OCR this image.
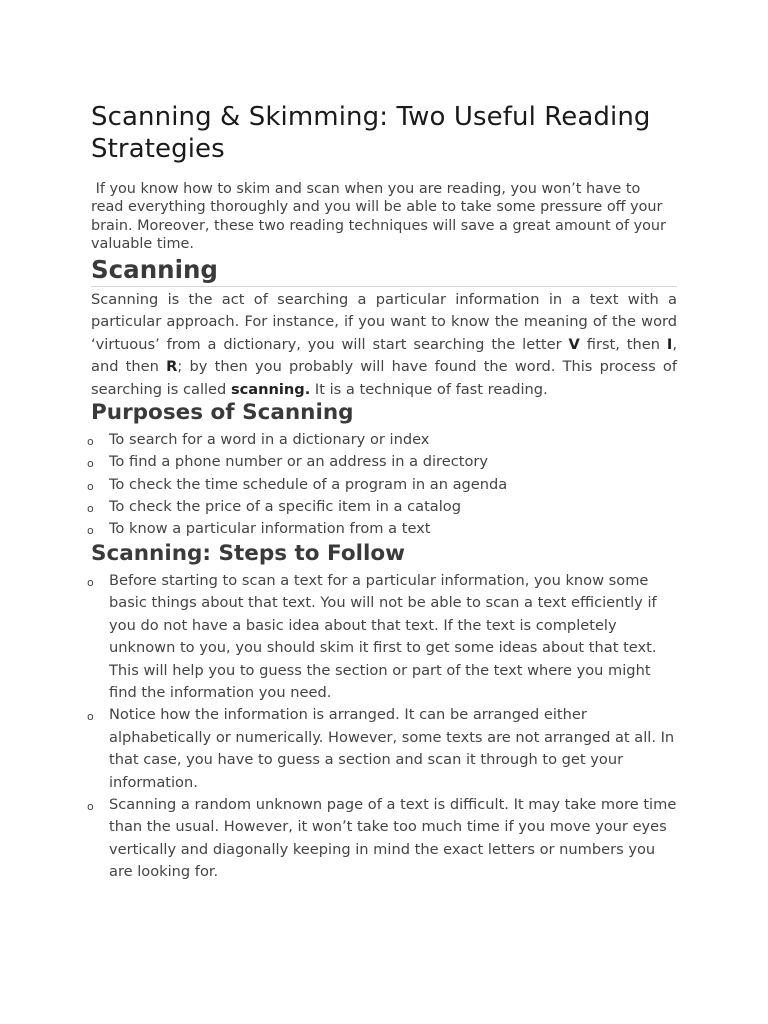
Scanning & Skimming: Two Useful Reading Strategies

If you know how to skim and scan when you are reading, you won’t have to read everything thoroughly and you will be able to take some pressure off your brain. Moreover, these two reading techniques will save a great amount of your valuable time.

Scanning

Scanning is the act of searching a particular information in a text with a particular approach. For instance, if you want to know the meaning of the word ‘virtuous’ from a dictionary, you will start searching the letter V first, then I, and then R; by then you probably will have found the word. This process of searching is called scanning. It is a technique of fast reading.

Purposes of Scanning
o	To search for a word in a dictionary or index
o	To find a phone number or an address in a directory
o	To check the time schedule of a program in an agenda
o	To check the price of a specific item in a catalog
o	To know a particular information from a text
Scanning: Steps to Follow
o	Before starting to scan a text for a particular information, you know some basic things about that text. You will not be able to scan a text efficiently if you do not have a basic idea about that text. If the text is completely unknown to you, you should skim it first to get some ideas about that text. This will help you to guess the section or part of the text where you might find the information you need.
o	Notice how the information is arranged. It can be arranged either alphabetically or numerically. However, some texts are not arranged at all. In that case, you have to guess a section and scan it through to get your information.
o	Scanning a random unknown page of a text is difficult. It may take more time than the usual. However, it won’t take too much time if you move your eyes vertically and diagonally keeping in mind the exact letters or numbers you are looking for.
